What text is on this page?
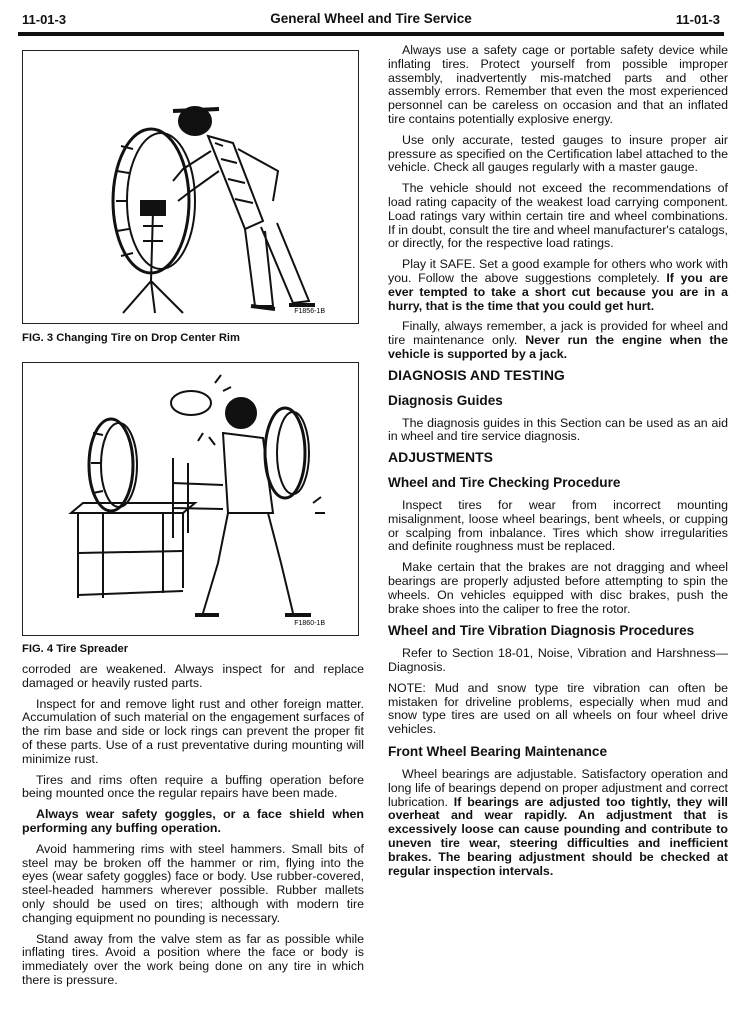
11-01-3	General Wheel and Tire Service	11-01-3
F1856-1B
FIG. 3 Changing Tire on Drop Center Rim
F1860-1B
FIG. 4 Tire Spreader

corroded are weakened. Always inspect for and replace damaged or heavily rusted parts.

Inspect for and remove light rust and other foreign matter. Accumulation of such material on the engagement surfaces of the rim base and side or lock rings can prevent the proper fit of these parts. Use of a rust preventative during mounting will minimize rust.

Tires and rims often require a buffing operation before being mounted once the regular repairs have been made.

Always wear safety goggles, or a face shield when performing any buffing operation.

Avoid hammering rims with steel hammers. Small bits of steel may be broken off the hammer or rim, flying into the eyes (wear safety goggles) face or body. Use rubber-covered, steel-headed hammers wherever possible. Rubber mallets only should be used on tires; although with modern tire changing equipment no pounding is necessary.

Stand away from the valve stem as far as possible while inflating tires. Avoid a position where the face or body is immediately over the work being done on any tire in which there is pressure.

Always use a safety cage or portable safety device while inflating tires. Protect yourself from possible improper assembly, inadvertently mis-matched parts and other assembly errors. Remember that even the most experienced personnel can be careless on occasion and that an inflated tire contains potentially explosive energy.

Use only accurate, tested gauges to insure proper air pressure as specified on the Certification label attached to the vehicle. Check all gauges regularly with a master gauge.

The vehicle should not exceed the recommendations of load rating capacity of the weakest load carrying component. Load ratings vary within certain tire and wheel combinations. If in doubt, consult the tire and wheel manufacturer's catalogs, or directly, for the respective load ratings.

Play it SAFE. Set a good example for others who work with you. Follow the above suggestions completely. If you are ever tempted to take a short cut because you are in a hurry, that is the time that you could get hurt.

Finally, always remember, a jack is provided for wheel and tire maintenance only. Never run the engine when the vehicle is supported by a jack.

DIAGNOSIS AND TESTING
Diagnosis Guides

The diagnosis guides in this Section can be used as an aid in wheel and tire service diagnosis.

ADJUSTMENTS
Wheel and Tire Checking Procedure

Inspect tires for wear from incorrect mounting misalignment, loose wheel bearings, bent wheels, or cupping or scalping from inbalance. Tires which show irregularities and definite roughness must be replaced.

Make certain that the brakes are not dragging and wheel bearings are properly adjusted before attempting to spin the wheels. On vehicles equipped with disc brakes, push the brake shoes into the caliper to free the rotor.

Wheel and Tire Vibration Diagnosis Procedures

Refer to Section 18-01, Noise, Vibration and Harshness—Diagnosis.

NOTE: Mud and snow type tire vibration can often be mistaken for driveline problems, especially when mud and snow type tires are used on all wheels on four wheel drive vehicles.

Front Wheel Bearing Maintenance

Wheel bearings are adjustable. Satisfactory operation and long life of bearings depend on proper adjustment and correct lubrication. If bearings are adjusted too tightly, they will overheat and wear rapidly. An adjustment that is excessively loose can cause pounding and contribute to uneven tire wear, steering difficulties and inefficient brakes. The bearing adjustment should be checked at regular inspection intervals.
